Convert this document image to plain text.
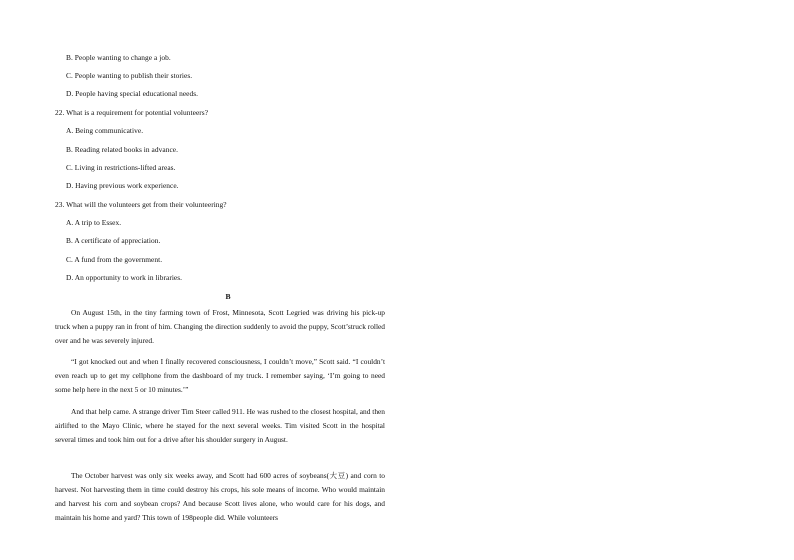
B. People wanting to change a job.
C. People wanting to publish their stories.
D. People having special educational needs.
22. What is a requirement for potential volunteers?
A. Being communicative.
B. Reading related books in advance.
C. Living in restrictions-lifted areas.
D. Having previous work experience.
23. What will the volunteers get from their volunteering?
A. A trip to Essex.
B. A certificate of appreciation.
C. A fund from the government.
D. An opportunity to work in libraries.
B

On August 15th, in the tiny farming town of Frost, Minnesota, Scott Legried was driving his pick-up truck when a puppy ran in front of him. Changing the direction suddenly to avoid the puppy, Scott’struck rolled over and he was severely injured.

“I got knocked out and when I finally recovered consciousness, I couldn’t move,” Scott said. “I couldn’t even reach up to get my cellphone from the dashboard of my truck. I remember saying, ‘I’m going to need some help here in the next 5 or 10 minutes.’”

And that help came. A strange driver Tim Steer called 911. He was rushed to the closest hospital, and then airlifted to the Mayo Clinic, where he stayed for the next several weeks. Tim visited Scott in the hospital several times and took him out for a drive after his shoulder surgery in August.

The October harvest was only six weeks away, and Scott had 600 acres of soybeans(大豆) and corn to harvest. Not harvesting them in time could destroy his crops, his sole means of income. Who would maintain and harvest his corn and soybean crops? And because Scott lives alone, who would care for his dogs, and maintain his home and yard? This town of 198people did. While volunteers
